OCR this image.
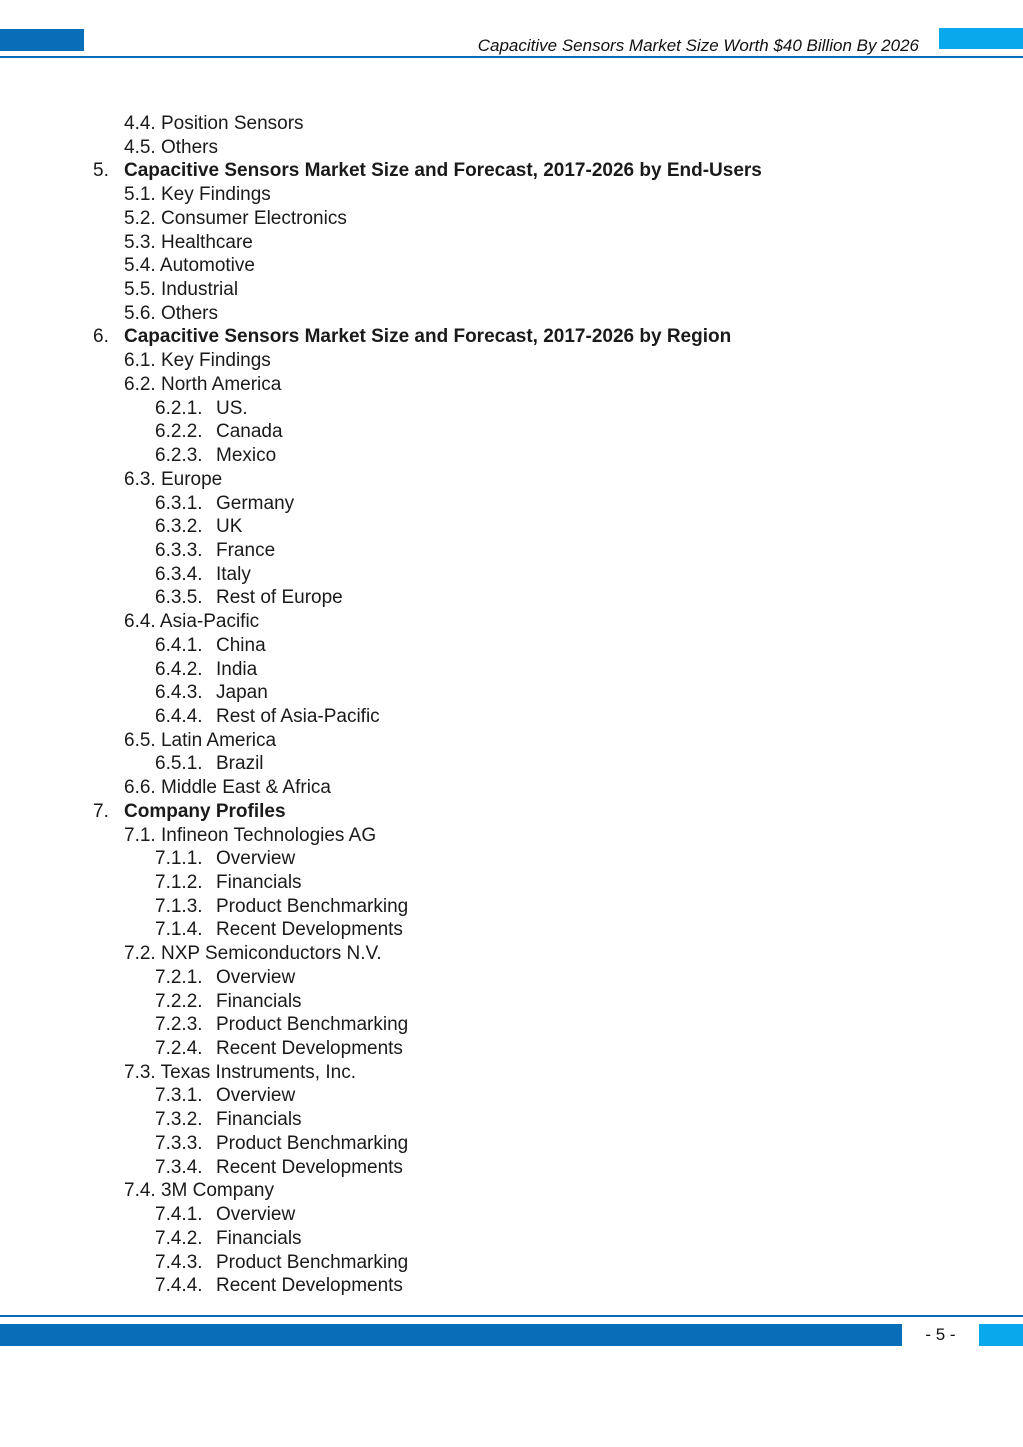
Capacitive Sensors Market Size Worth $40 Billion By 2026
4.4. Position Sensors
4.5. Others
5. Capacitive Sensors Market Size and Forecast, 2017-2026 by End-Users
5.1. Key Findings
5.2. Consumer Electronics
5.3. Healthcare
5.4. Automotive
5.5. Industrial
5.6. Others
6. Capacitive Sensors Market Size and Forecast, 2017-2026 by Region
6.1. Key Findings
6.2. North America
6.2.1. US.
6.2.2. Canada
6.2.3. Mexico
6.3. Europe
6.3.1. Germany
6.3.2. UK
6.3.3. France
6.3.4. Italy
6.3.5. Rest of Europe
6.4. Asia-Pacific
6.4.1. China
6.4.2. India
6.4.3. Japan
6.4.4. Rest of Asia-Pacific
6.5. Latin America
6.5.1. Brazil
6.6. Middle East & Africa
7. Company Profiles
7.1. Infineon Technologies AG
7.1.1. Overview
7.1.2. Financials
7.1.3. Product Benchmarking
7.1.4. Recent Developments
7.2. NXP Semiconductors N.V.
7.2.1. Overview
7.2.2. Financials
7.2.3. Product Benchmarking
7.2.4. Recent Developments
7.3. Texas Instruments, Inc.
7.3.1. Overview
7.3.2. Financials
7.3.3. Product Benchmarking
7.3.4. Recent Developments
7.4. 3M Company
7.4.1. Overview
7.4.2. Financials
7.4.3. Product Benchmarking
7.4.4. Recent Developments
- 5 -
